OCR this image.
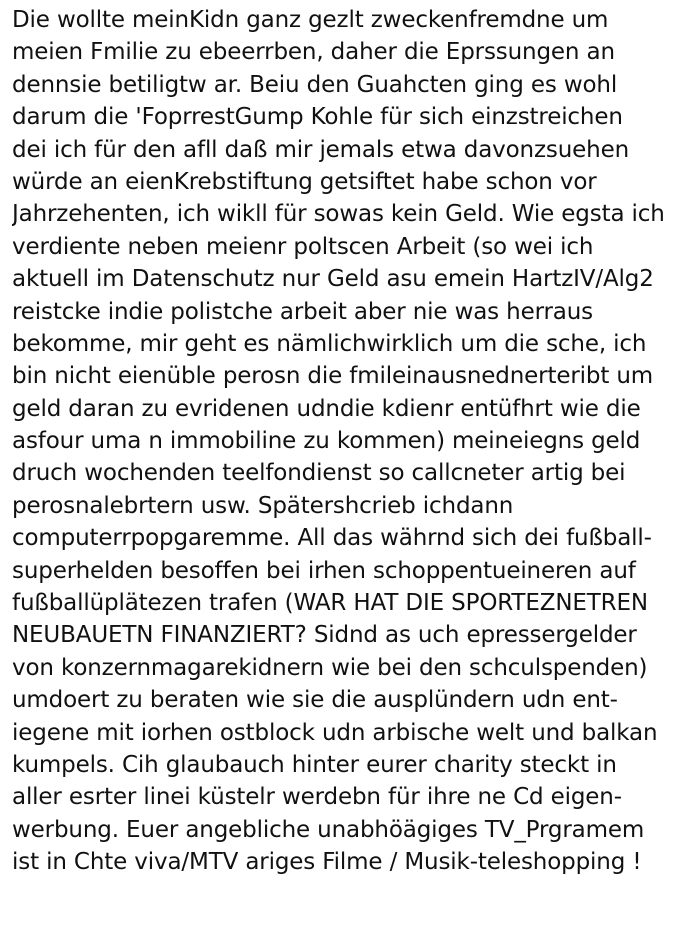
Die wollte meinKidn ganz gezlt zweckenfremdne um
meien Fmilie zu ebeerrben, daher die Eprssungen an
dennsie betiligtw ar. Beiu den Guahcten ging es wohl
darum die 'FoprrestGump Kohle für sich einzstreichen
dei ich für den afll daß mir jemals etwa davonzsuehen
würde an eienKrebstiftung getsiftet habe schon vor
Jahrzehenten, ich wikll für sowas kein Geld. Wie egsta ich
verdiente neben meienr poltscen Arbeit (so wei ich
aktuell im Datenschutz nur Geld asu emein HartzIV/Alg2
reistcke indie polistche arbeit aber nie was herraus
bekomme, mir geht es nämlichwirklich um die sche, ich
bin nicht eienüble perosn die fmileinausnednerteribt um
geld daran zu evridenen udndie kdienr entüfhrt wie die
asfour uma n immobiline zu kommen) meineiegns geld
druch wochenden teelfondienst so callcneter artig bei
perosnalebrtern usw. Spätershcrieb ichdann
computerrpopgaremme. All das währnd sich dei fußball-
superhelden besoffen bei irhen schoppentueineren auf
fußballüplätezen trafen (WAR HAT DIE SPORTEZNETREN
NEUBAUETN FINANZIERT? Sidnd as uch epressergelder
von konzernmagarekidnern wie bei den schculspenden)
umdoert zu beraten wie sie die ausplündern udn ent-
iegene mit iorhen ostblock udn arbische welt und balkan
kumpels. Cih glaubauch hinter eurer charity steckt in
aller esrter linei küstelr werdebn für ihre ne Cd eigen-
werbung. Euer angebliche unabhöägiges TV_Prgramem
ist in Chte viva/MTV ariges Filme / Musik-teleshopping !
